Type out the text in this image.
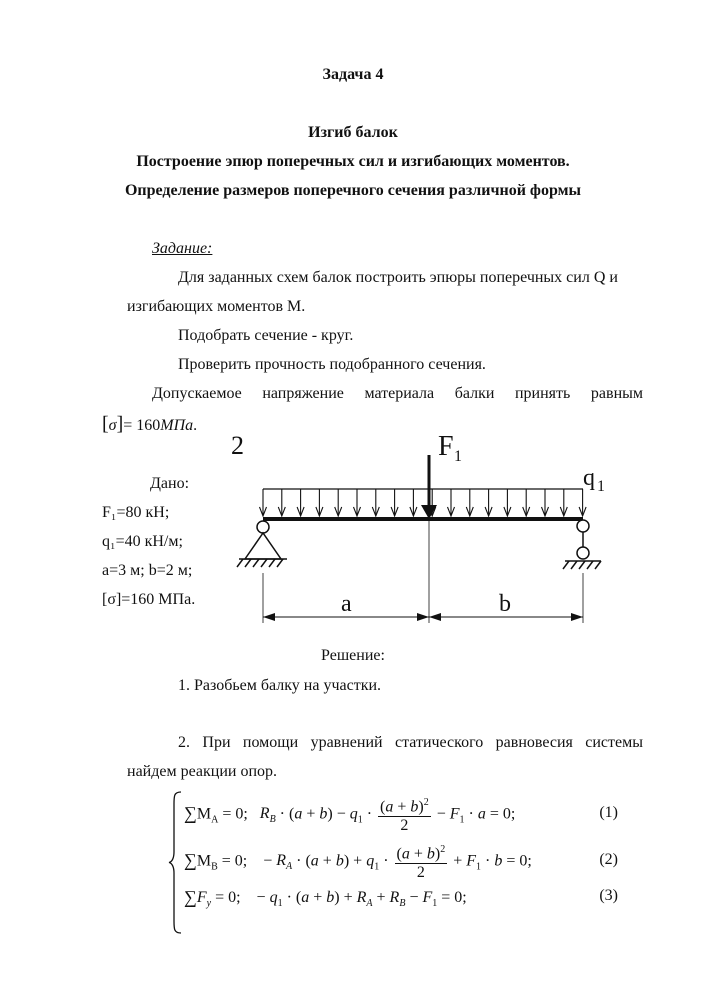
Задача 4
Изгиб балок
Построение эпюр поперечных сил и изгибающих моментов.
Определение размеров поперечного сечения различной формы
Задание:
Для заданных схем балок построить эпюры поперечных сил Q и
изгибающих моментов M.
Подобрать сечение - круг.
Проверить прочность подобранного сечения.
Допускаемое напряжение материала балки принять равным
[σ]= 160МПа.
Дано:
F₁=80 кН;
q₁=40 кН/м;
a=3 м; b=2 м;
[σ]=160 МПа.
2	F 1
q 1
a	b
Решение:
1. Разобьем балку на участки.
2. При помощи уравнений статического равновесия системы
найдем реакции опор.
$\sum M_A = 0$;   $R_B \cdot (a + b) - q_1 \cdot \frac{(a + b)^2}{2} - F_1 \cdot a = 0$;	(1)
$\sum M_B = 0$;    − $R_A \cdot (a + b) + q_1 \cdot \frac{(a + b)^2}{2} + F_1 \cdot b = 0$;	(2)
$\sum F_y = 0$;    − $q_1 \cdot (a + b) + R_A + R_B - F_1 = 0$;	(3)
